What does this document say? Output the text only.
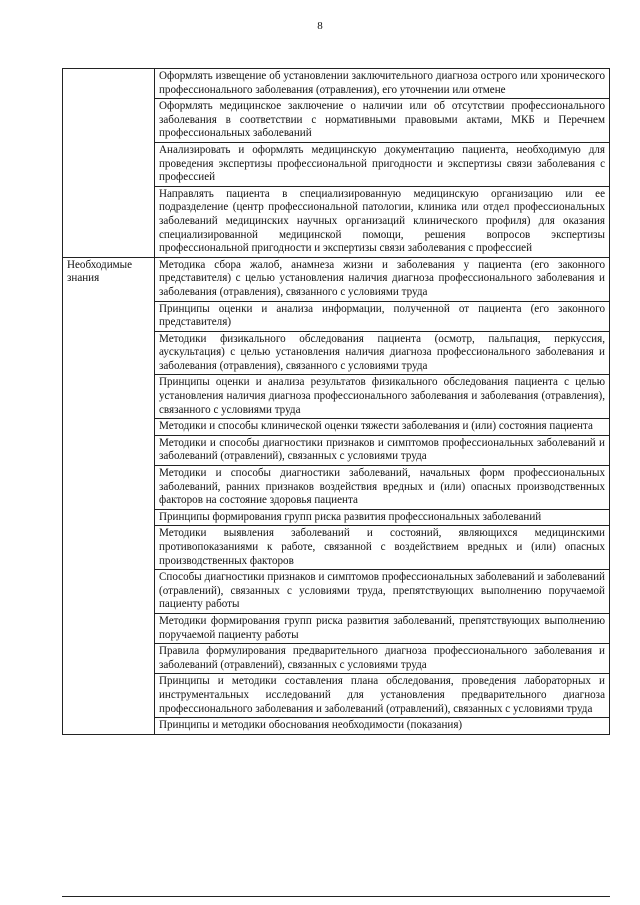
8
	Оформлять извещение об установлении заключительного диагноза острого или хронического профессионального заболевания (отравления), его уточнении или отмене
	Оформлять медицинское заключение о наличии или об отсутствии профессионального заболевания в соответствии с нормативными правовыми актами, МКБ и Перечнем профессиональных заболеваний
	Анализировать и оформлять медицинскую документацию пациента, необходимую для проведения экспертизы профессиональной пригодности и экспертизы связи заболевания с профессией
	Направлять пациента в специализированную медицинскую организацию или ее подразделение (центр профессиональной патологии, клиника или отдел профессиональных заболеваний медицинских научных организаций клинического профиля) для оказания специализированной медицинской помощи, решения вопросов экспертизы профессиональной пригодности и экспертизы связи заболевания с профессией
Необходимые знания	Методика сбора жалоб, анамнеза жизни и заболевания у пациента (его законного представителя) с целью установления наличия диагноза профессионального заболевания и заболевания (отравления), связанного с условиями труда
	Принципы оценки и анализа информации, полученной от пациента (его законного представителя)
	Методики физикального обследования пациента (осмотр, пальпация, перкуссия, аускультация) с целью установления наличия диагноза профессионального заболевания и заболевания (отравления), связанного с условиями труда
	Принципы оценки и анализа результатов физикального обследования пациента с целью установления наличия диагноза профессионального заболевания и заболевания (отравления), связанного с условиями труда
	Методики и способы клинической оценки тяжести заболевания и (или) состояния пациента
	Методики и способы диагностики признаков и симптомов профессиональных заболеваний и заболеваний (отравлений), связанных с условиями труда
	Методики и способы диагностики заболеваний, начальных форм профессиональных заболеваний, ранних признаков воздействия вредных и (или) опасных производственных факторов на состояние здоровья пациента
	Принципы формирования групп риска развития профессиональных заболеваний
	Методики выявления заболеваний и состояний, являющихся медицинскими противопоказаниями к работе, связанной с воздействием вредных и (или) опасных производственных факторов
	Способы диагностики признаков и симптомов профессиональных заболеваний и заболеваний (отравлений), связанных с условиями труда, препятствующих выполнению поручаемой пациенту работы
	Методики формирования групп риска развития заболеваний, препятствующих выполнению поручаемой пациенту работы
	Правила формулирования предварительного диагноза профессионального заболевания и заболеваний (отравлений), связанных с условиями труда
	Принципы и методики составления плана обследования, проведения лабораторных и инструментальных исследований для установления предварительного диагноза профессионального заболевания и заболеваний (отравлений), связанных с условиями труда
	Принципы и методики обоснования необходимости (показания)
